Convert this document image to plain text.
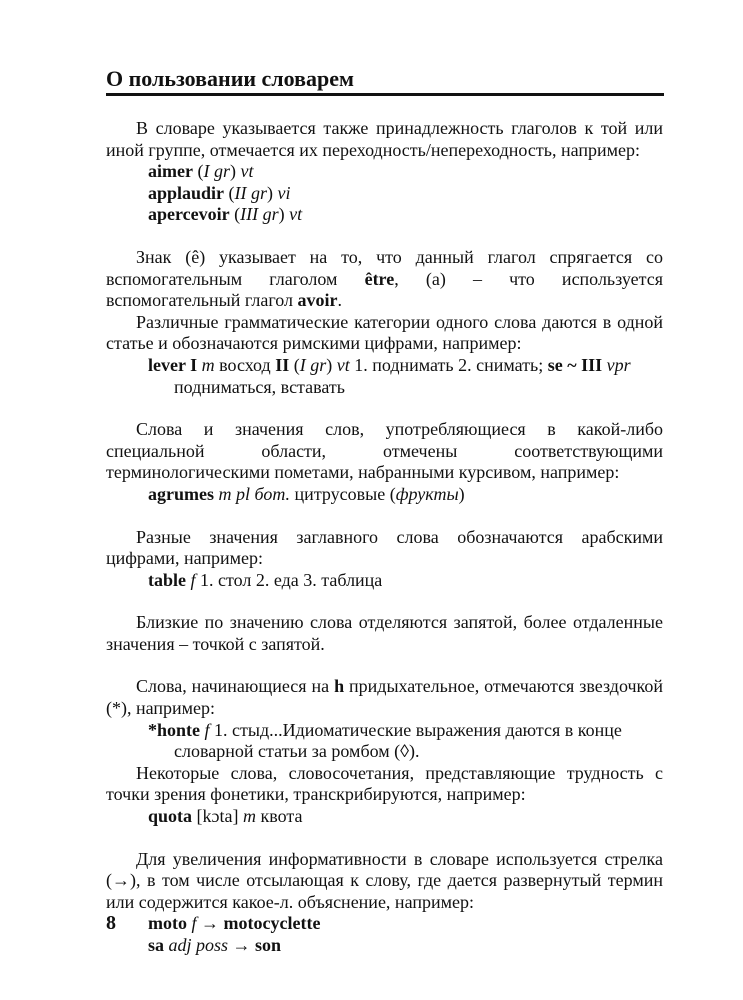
О пользовании словарем

В словаре указывается также принадлежность глаголов к той или иной группе, отмечается их переходность/непереходность, например:

aimer (I gr) vt
applaudir (II gr) vi
apercevoir (III gr) vt

Знак (ê) указывает на то, что данный глагол спрягается со вспомогательным глаголом être, (а) – что используется вспомогательный глагол avoir.

Различные грамматические категории одного слова даются в одной статье и обозначаются римскими цифрами, например:

lever I m восход II (I gr) vt 1. поднимать 2. снимать; se ~ III vpr подниматься, вставать

Слова и значения слов, употребляющиеся в какой-либо специальной области, отмечены соответствующими терминологическими пометами, набранными курсивом, например:

agrumes m pl бот. цитрусовые (фрукты)

Разные значения заглавного слова обозначаются арабскими цифрами, например:

table f 1. стол 2. еда 3. таблица

Близкие по значению слова отделяются запятой, более отдаленные значения – точкой с запятой.

Слова, начинающиеся на h придыхательное, отмечаются звездочкой (*), например:

*honte f 1. стыд...Идиоматические выражения даются в конце словарной статьи за ромбом (◊).

Некоторые слова, словосочетания, представляющие трудность с точки зрения фонетики, транскрибируются, например:

quota [kɔta] m квота

Для увеличения информативности в словаре используется стрелка (→), в том числе отсылающая к слову, где дается развернутый термин или содержится какое-л. объяснение, например:

moto f → motocyclette
sa adj poss → son
8
